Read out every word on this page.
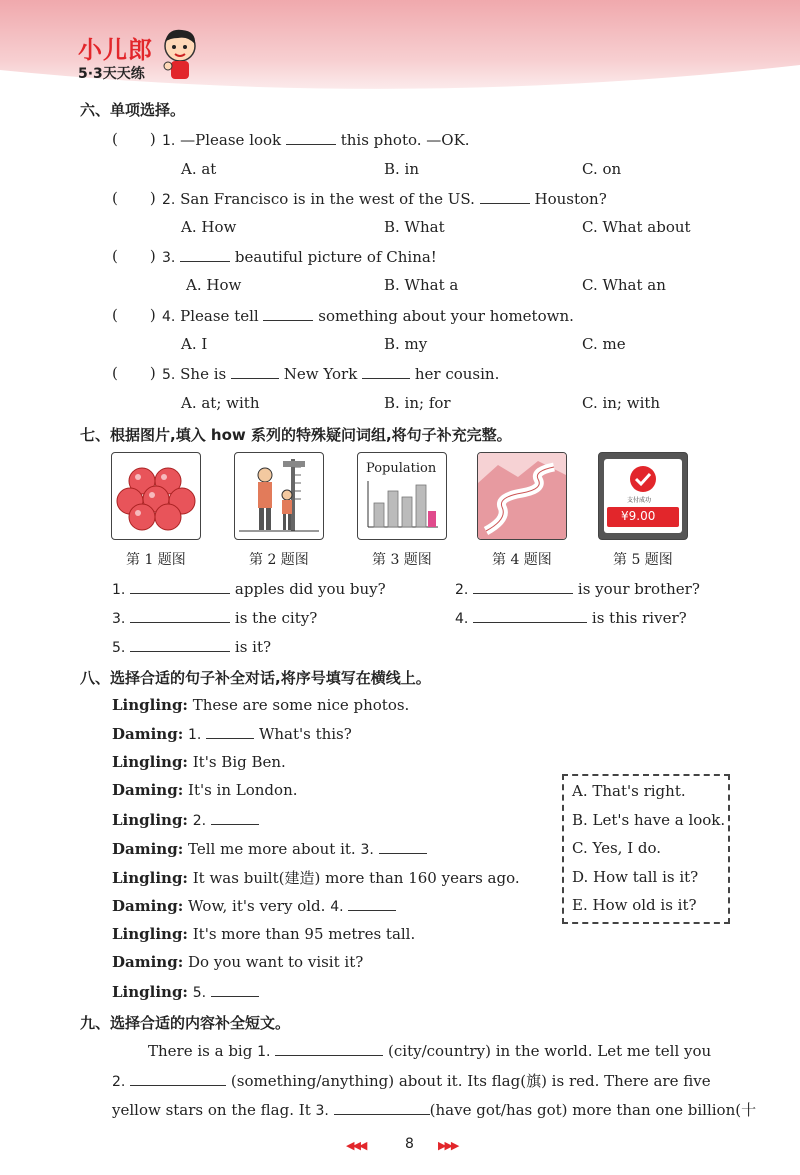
小儿郎
5·3天天练
六、单项选择。
( ) 1. —Please look	this photo. —OK.
A. at	B. in	C. on
( ) 2. San Francisco is in the west of the US.	Houston?
A. How	B. What	C. What about
( ) 3.	beautiful picture of China!
A. How	B. What a	C. What an
( ) 4. Please tell	something about your hometown.
A. I	B. my	C. me
( ) 5. She is	New York	her cousin.
A. at; with	B. in; for	C. in; with
七、根据图片,填入 how 系列的特殊疑问词组,将句子补充完整。
Population
支付成功
¥9.00
第 1 题图	第 2 题图	第 3 题图	第 4 题图	第 5 题图
1.	apples did you buy?	2.	is your brother?
3.	is the city?	4.	is this river?
5.	is it?
八、选择合适的句子补全对话,将序号填写在横线上。
Lingling: These are some nice photos.
Daming: 1.	What's this?
Lingling: It's Big Ben.
Daming: It's in London.
Lingling: 2.
Daming: Tell me more about it. 3.
Lingling: It was built(建造) more than 160 years ago.
Daming: Wow, it's very old. 4.
Lingling: It's more than 95 metres tall.
Daming: Do you want to visit it?
Lingling: 5.
A. That's right.
B. Let's have a look.
C. Yes, I do.
D. How tall is it?
E. How old is it?
九、选择合适的内容补全短文。
There is a big 1.	(city/country) in the world. Let me tell you
2.	(something/anything) about it. Its flag(旗) is red. There are five
yellow stars on the flag. It 3.	(have got/has got) more than one billion(十
◀◀◀	8 ▶▶▶
